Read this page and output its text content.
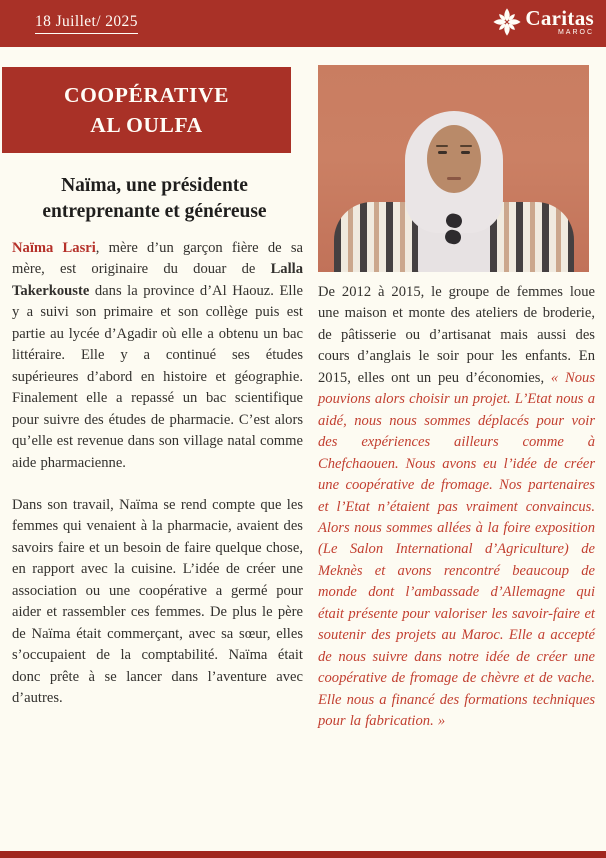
18 Juillet/ 2025	Caritas
MAROC
COOPÉRATIVE
AL OULFA
Naïma, une présidente entreprenante et généreuse

Naïma Lasri, mère d’un garçon fière de sa mère, est originaire du douar de Lalla Takerkouste dans la province d’Al Haouz. Elle y a suivi son primaire et son collège puis est partie au lycée d’Agadir où elle a obtenu un bac littéraire. Elle y a continué ses études supérieures d’abord en histoire et géographie. Finalement elle a repassé un bac scientifique pour suivre des études de pharmacie. C’est alors qu’elle est revenue dans son village natal comme aide pharmacienne.

Dans son travail, Naïma se rend compte que les femmes qui venaient à la pharmacie, avaient des savoirs faire et un besoin de faire quelque chose, en rapport avec la cuisine. L’idée de créer une association ou une coopérative a germé pour aider et rassembler ces femmes. De plus le père de Naïma était commerçant, avec sa sœur, elles s’occupaient de la comptabilité. Naïma était donc prête à se lancer dans l’aventure avec d’autres.

De 2012 à 2015, le groupe de femmes loue une maison et monte des ateliers de broderie, de pâtisserie ou d’artisanat mais aussi des cours d’anglais le soir pour les enfants. En 2015, elles ont un peu d’économies, « Nous pouvions alors choisir un projet. L’Etat nous a aidé, nous nous sommes déplacés pour voir des expériences ailleurs comme à Chefchaouen. Nous avons eu l’idée de créer une coopérative de fromage. Nos partenaires et l’Etat n’étaient pas vraiment convaincus. Alors nous sommes allées à la foire exposition (Le Salon International d’Agriculture) de Meknès et avons rencontré beaucoup de monde dont l’ambassade d’Allemagne qui était présente pour valoriser les savoir-faire et soutenir des projets au Maroc. Elle a accepté de nous suivre dans notre idée de créer une coopérative de fromage de chèvre et de vache. Elle nous a financé des formations techniques pour la fabrication. »
